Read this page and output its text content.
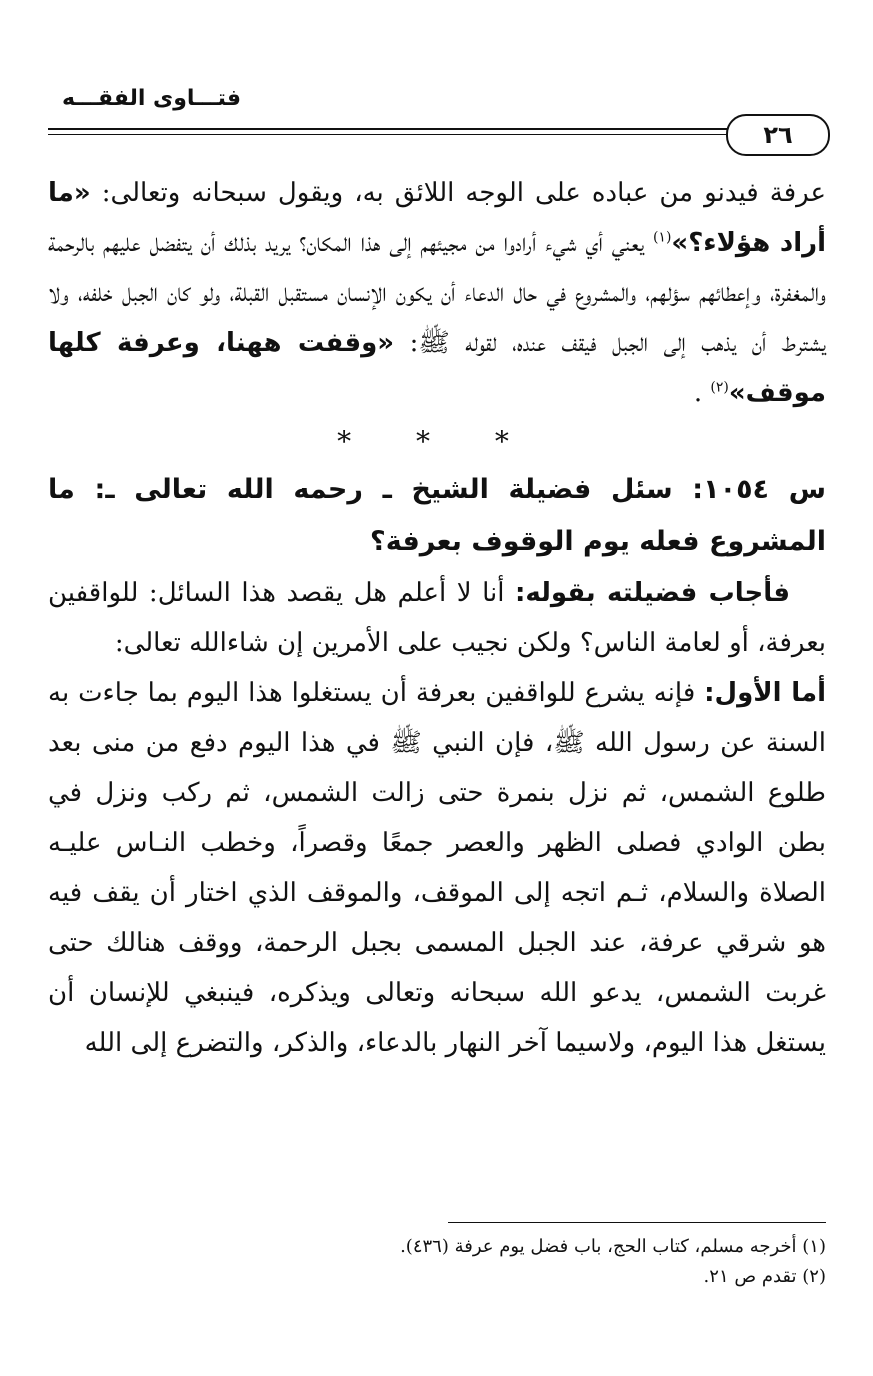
فتـــاوى الفقـــه
٢٦

عرفة فيدنو من عباده على الوجه اللائق به، ويقول سبحانه وتعالى: «ما أراد هؤلاء؟»$^{(١)}$ يعني أي شيء أرادوا من مجيئهم إلى هذا المكان؟ يريد بذلك أن يتفضل عليهم بالرحمة والمغفرة، وإعطائهم سؤلهم، والمشروع في حال الدعاء أن يكون الإنسان مستقبل القبلة، ولو كان الجبل خلفه، ولا يشترط أن يذهب إلى الجبل فيقف عنده، لقوله ﷺ: «وقفت ههنا، وعرفة كلها موقف»$^{(٢)}$ .

* * *

س ١٠٥٤: سئل فضيلة الشيخ ـ رحمه الله تعالى ـ: ما المشروع فعله يوم الوقوف بعرفة؟

فأجاب فضيلته بقوله: أنا لا أعلم هل يقصد هذا السائل: للواقفين بعرفة، أو لعامة الناس؟ ولكن نجيب على الأمرين إن شاءالله تعالى:

أما الأول: فإنه يشرع للواقفين بعرفة أن يستغلوا هذا اليوم بما جاءت به السنة عن رسول الله ﷺ، فإن النبي ﷺ في هذا اليوم دفع من منى بعد طلوع الشمس، ثم نزل بنمرة حتى زالت الشمس، ثم ركب ونزل في بطن الوادي فصلى الظهر والعصر جمعًا وقصراً، وخطب النـاس عليـه الصلاة والسلام، ثـم اتجه إلى الموقف، والموقف الذي اختار أن يقف فيه هو شرقي عرفة، عند الجبل المسمى بجبل الرحمة، ووقف هنالك حتى غربت الشمس، يدعو الله سبحانه وتعالى ويذكره، فينبغي للإنسان أن يستغل هذا اليوم، ولاسيما آخر النهار بالدعاء، والذكر، والتضرع إلى الله

(١) أخرجه مسلم، كتاب الحج، باب فضل يوم عرفة (٤٣٦).
(٢) تقدم ص ٢١.
